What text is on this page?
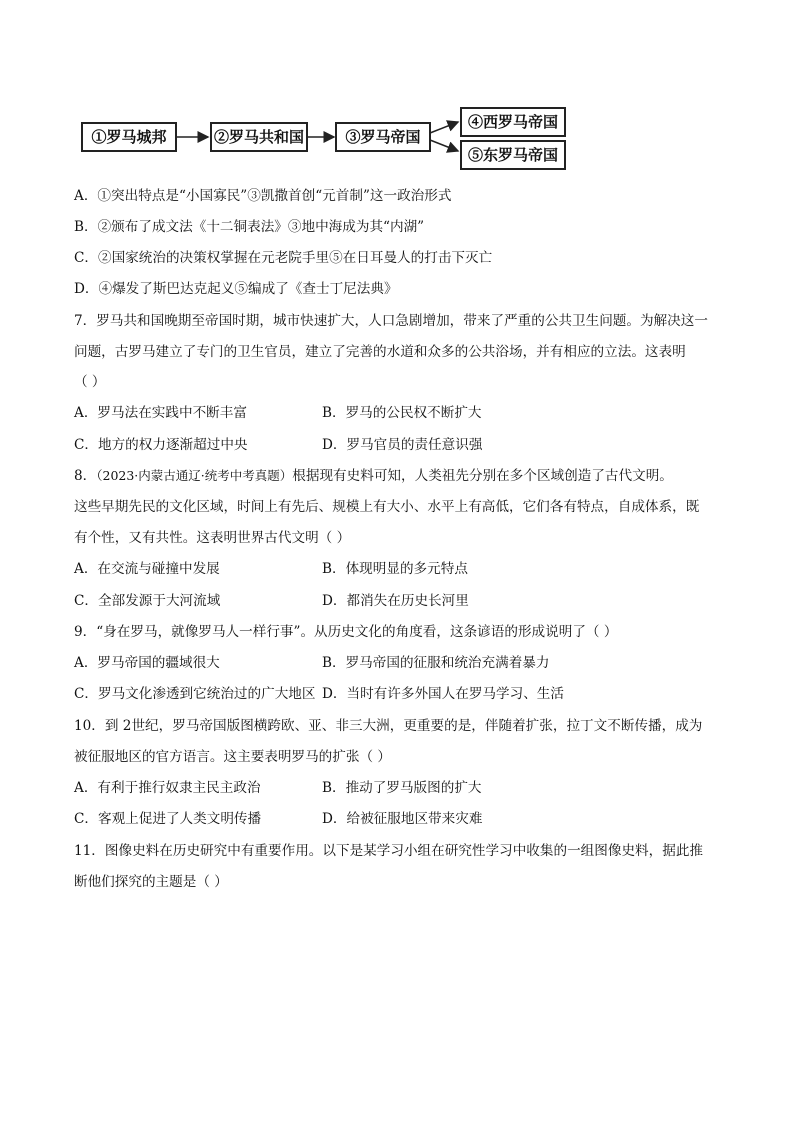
①罗马城邦	②罗马共和国	③罗马帝国
④西罗马帝国
⑤东罗马帝国
A．①突出特点是“小国寡民”③凯撒首创“元首制”这一政治形式
B．②颁布了成文法《十二铜表法》③地中海成为其“内湖”
C．②国家统治的决策权掌握在元老院手里⑤在日耳曼人的打击下灭亡
D．④爆发了斯巴达克起义⑤编成了《查士丁尼法典》
7．罗马共和国晚期至帝国时期，城市快速扩大，人口急剧增加，带来了严重的公共卫生问题。为解决这一
问题，古罗马建立了专门的卫生官员，建立了完善的水道和众多的公共浴场，并有相应的立法。这表明
（ ）
A．罗马法在实践中不断丰富	B．罗马的公民权不断扩大
C．地方的权力逐渐超过中央	D．罗马官员的责任意识强
8．（2023·内蒙古通辽·统考中考真题）根据现有史料可知，人类祖先分别在多个区域创造了古代文明。
这些早期先民的文化区域，时间上有先后、规模上有大小、水平上有高低，它们各有特点，自成体系，既
有个性，又有共性。这表明世界古代文明（ ）
A．在交流与碰撞中发展	B．体现明显的多元特点
C．全部发源于大河流域	D．都消失在历史长河里
9．“身在罗马，就像罗马人一样行事”。从历史文化的角度看，这条谚语的形成说明了（ ）
A．罗马帝国的疆域很大	B．罗马帝国的征服和统治充满着暴力
C．罗马文化渗透到它统治过的广大地区 D．当时有许多外国人在罗马学习、生活
10．到 2世纪，罗马帝国版图横跨欧、亚、非三大洲，更重要的是，伴随着扩张，拉丁文不断传播，成为
被征服地区的官方语言。这主要表明罗马的扩张（ ）
A．有利于推行奴隶主民主政治	B．推动了罗马版图的扩大
C．客观上促进了人类文明传播	D．给被征服地区带来灾难
11．图像史料在历史研究中有重要作用。以下是某学习小组在研究性学习中收集的一组图像史料，据此推
断他们探究的主题是（ ）
